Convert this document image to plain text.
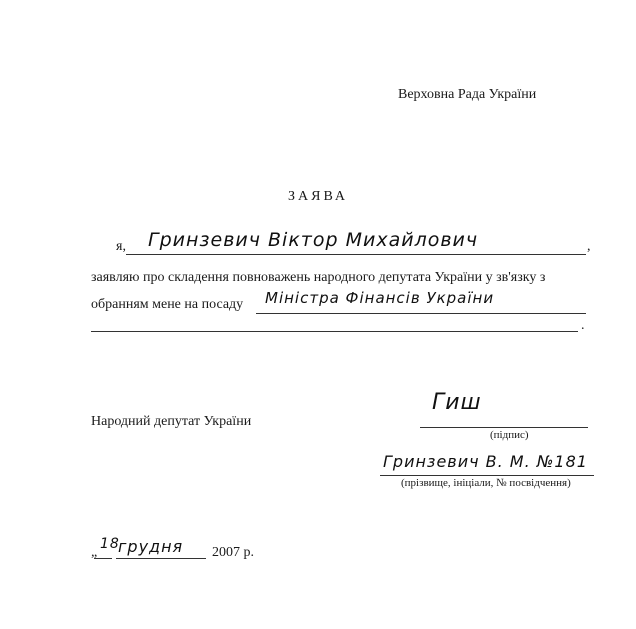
Верховна Рада України
ЗАЯВА
я, Гринзевич Віктор Михайлович	,
заявляю про складення повноважень народного депутата України у зв'язку з
обранням мене на посаду Міністра Фінансів України
.
Народний депутат України
Гиш
(підпис)
Гринзевич В. М. №181
(прізвище, ініціали, № посвідчення)
„
18
грудня 2007 р.
